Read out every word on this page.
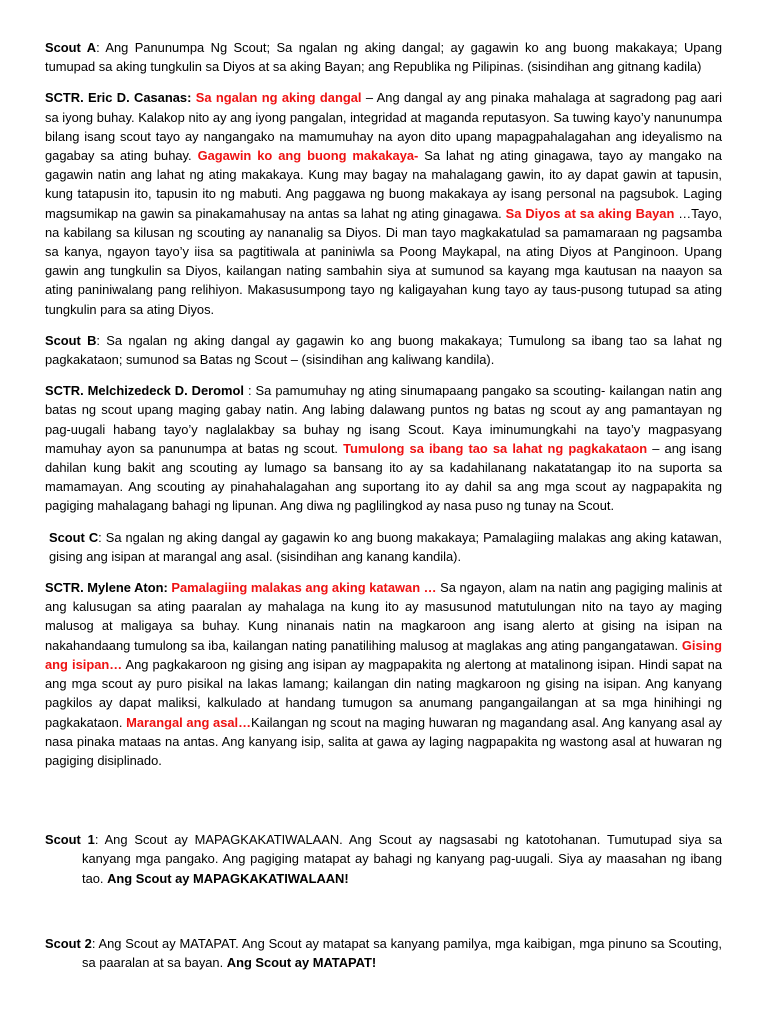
Scout A: Ang Panunumpa Ng Scout; Sa ngalan ng aking dangal; ay gagawin ko ang buong makakaya; Upang tumupad sa aking tungkulin sa Diyos at sa aking Bayan; ang Republika ng Pilipinas. (sisindihan ang gitnang kadila)

SCTR. Eric D. Casanas: Sa ngalan ng aking dangal – Ang dangal ay ang pinaka mahalaga at sagradong pag aari sa iyong buhay. Kalakop nito ay ang iyong pangalan, integridad at maganda reputasyon. Sa tuwing kayo’y nanunumpa bilang isang scout tayo ay nangangako na mamumuhay na ayon dito upang mapagpahalagahan ang ideyalismo na gagabay sa ating buhay. Gagawin ko ang buong makakaya- Sa lahat ng ating ginagawa, tayo ay mangako na gagawin natin ang lahat ng ating makakaya. Kung may bagay na mahalagang gawin, ito ay dapat gawin at tapusin, kung tatapusin ito, tapusin ito ng mabuti. Ang paggawa ng buong makakaya ay isang personal na pagsubok. Laging magsumikap na gawin sa pinakamahusay na antas sa lahat ng ating ginagawa. Sa Diyos at sa aking Bayan …Tayo, na kabilang sa kilusan ng scouting ay nananalig sa Diyos. Di man tayo magkakatulad sa pamamaraan ng pagsamba sa kanya, ngayon tayo’y iisa sa pagtitiwala at paniniwla sa Poong Maykapal, na ating Diyos at Panginoon. Upang gawin ang tungkulin sa Diyos, kailangan nating sambahin siya at sumunod sa kayang mga kautusan na naayon sa ating paniniwalang pang relihiyon. Makasusumpong tayo ng kaligayahan kung tayo ay taus-pusong tutupad sa ating tungkulin para sa ating Diyos.

Scout B: Sa ngalan ng aking dangal ay gagawin ko ang buong makakaya; Tumulong sa ibang tao sa lahat ng pagkakataon; sumunod sa Batas ng Scout – (sisindihan ang kaliwang kandila).

SCTR. Melchizedeck D. Deromol : Sa pamumuhay ng ating sinumapaang pangako sa scouting- kailangan natin ang batas ng scout upang maging gabay natin. Ang labing dalawang puntos ng batas ng scout ay ang pamantayan ng pag-uugali habang tayo’y naglalakbay sa buhay ng isang Scout. Kaya iminumungkahi na tayo’y magpasyang mamuhay ayon sa panunumpa at batas ng scout. Tumulong sa ibang tao sa lahat ng pagkakataon – ang isang dahilan kung bakit ang scouting ay lumago sa bansang ito ay sa kadahilanang nakatatangap ito na suporta sa mamamayan. Ang scouting ay pinahahalagahan ang suportang ito ay dahil sa ang mga scout ay nagpapakita ng pagiging mahalagang bahagi ng lipunan. Ang diwa ng paglilingkod ay nasa puso ng tunay na Scout.

Scout C: Sa ngalan ng aking dangal ay gagawin ko ang buong makakaya; Pamalagiing malakas ang aking katawan, gising ang isipan at marangal ang asal. (sisindihan ang kanang kandila).

SCTR. Mylene Aton: Pamalagiing malakas ang aking katawan … Sa ngayon, alam na natin ang pagiging malinis at ang kalusugan sa ating paaralan ay mahalaga na kung ito ay masusunod matutulungan nito na tayo ay maging malusog at maligaya sa buhay. Kung ninanais natin na magkaroon ang isang alerto at gising na isipan na nakahandaang tumulong sa iba, kailangan nating panatilihing malusog at maglakas ang ating pangangatawan. Gising ang isipan… Ang pagkakaroon ng gising ang isipan ay magpapakita ng alertong at matalinong isipan. Hindi sapat na ang mga scout ay puro pisikal na lakas lamang; kailangan din nating magkaroon ng gising na isipan. Ang kanyang pagkilos ay dapat maliksi, kalkulado at handang tumugon sa anumang pangangailangan at sa mga hinihingi ng pagkakataon. Marangal ang asal…Kailangan ng scout na maging huwaran ng magandang asal. Ang kanyang asal ay nasa pinaka mataas na antas. Ang kanyang isip, salita at gawa ay laging nagpapakita ng wastong asal at huwaran ng pagiging disiplinado.

Scout 1: Ang Scout ay MAPAGKAKATIWALAAN. Ang Scout ay nagsasabi ng katotohanan. Tumutupad siya sa kanyang mga pangako. Ang pagiging matapat ay bahagi ng kanyang pag-uugali. Siya ay maasahan ng ibang tao. Ang Scout ay MAPAGKAKATIWALAAN!

Scout 2: Ang Scout ay MATAPAT. Ang Scout ay matapat sa kanyang pamilya, mga kaibigan, mga pinuno sa Scouting, sa paaralan at sa bayan. Ang Scout ay MATAPAT!
